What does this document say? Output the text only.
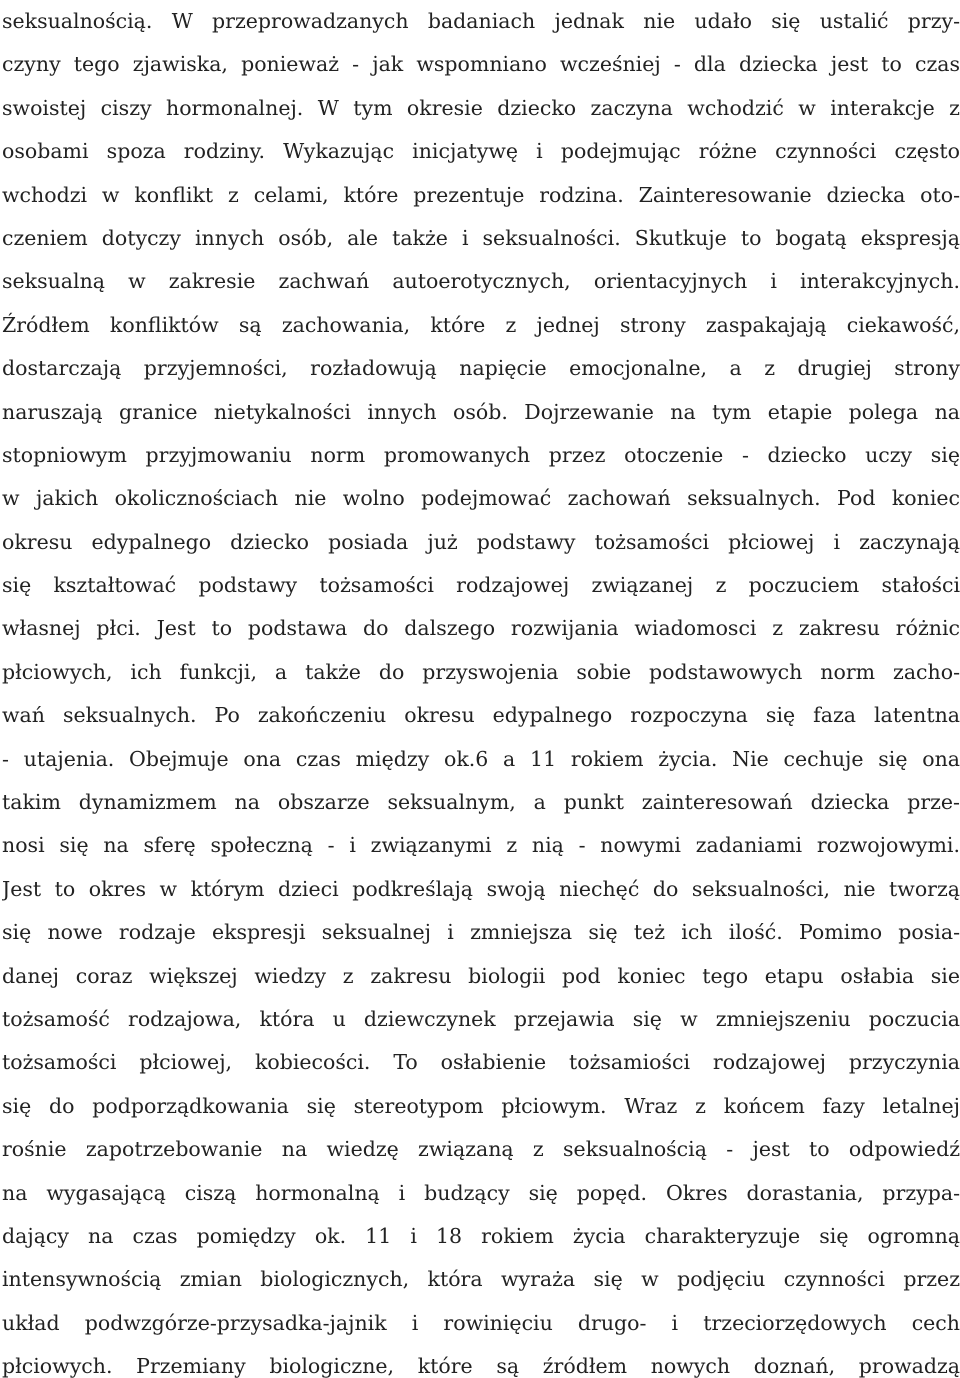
seksualnością. W przeprowadzanych badaniach jednak nie udało się ustalić przy-
czyny tego zjawiska, ponieważ - jak wspomniano wcześniej - dla dziecka jest to czas
swoistej ciszy hormonalnej. W tym okresie dziecko zaczyna wchodzić w interakcje z
osobami spoza rodziny. Wykazując inicjatywę i podejmując różne czynności często
wchodzi w konflikt z celami, które prezentuje rodzina. Zainteresowanie dziecka oto-
czeniem dotyczy innych osób, ale także i seksualności. Skutkuje to bogatą ekspresją
seksualną w zakresie zachwań autoerotycznych, orientacyjnych i interakcyjnych.
Źródłem konfliktów są zachowania, które z jednej strony zaspakajają ciekawość,
dostarczają przyjemności, rozładowują napięcie emocjonalne, a z drugiej strony
naruszają granice nietykalności innych osób. Dojrzewanie na tym etapie polega na
stopniowym przyjmowaniu norm promowanych przez otoczenie - dziecko uczy się
w jakich okolicznościach nie wolno podejmować zachowań seksualnych. Pod koniec
okresu edypalnego dziecko posiada już podstawy tożsamości płciowej i zaczynają
się kształtować podstawy tożsamości rodzajowej związanej z poczuciem stałości
własnej płci. Jest to podstawa do dalszego rozwijania wiadomosci z zakresu różnic
płciowych, ich funkcji, a także do przyswojenia sobie podstawowych norm zacho-
wań seksualnych. Po zakończeniu okresu edypalnego rozpoczyna się faza latentna
- utajenia. Obejmuje ona czas między ok.6 a 11 rokiem życia. Nie cechuje się ona
takim dynamizmem na obszarze seksualnym, a punkt zainteresowań dziecka prze-
nosi się na sferę społeczną - i związanymi z nią - nowymi zadaniami rozwojowymi.
Jest to okres w którym dzieci podkreślają swoją niechęć do seksualności, nie tworzą
się nowe rodzaje ekspresji seksualnej i zmniejsza się też ich ilość. Pomimo posia-
danej coraz większej wiedzy z zakresu biologii pod koniec tego etapu osłabia sie
tożsamość rodzajowa, która u dziewczynek przejawia się w zmniejszeniu poczucia
tożsamości płciowej, kobiecości. To osłabienie tożsamiości rodzajowej przyczynia
się do podporządkowania się stereotypom płciowym. Wraz z końcem fazy letalnej
rośnie zapotrzebowanie na wiedzę związaną z seksualnością - jest to odpowiedź
na wygasającą ciszą hormonalną i budzący się popęd. Okres dorastania, przypa-
dający na czas pomiędzy ok. 11 i 18 rokiem życia charakteryzuje się ogromną
intensywnością zmian biologicznych, która wyraża się w podjęciu czynności przez
układ podwzgórze-przysadka-jajnik i rowinięciu drugo- i trzeciorzędowych cech
płciowych. Przemiany biologiczne, które są źródłem nowych doznań, prowadzą
